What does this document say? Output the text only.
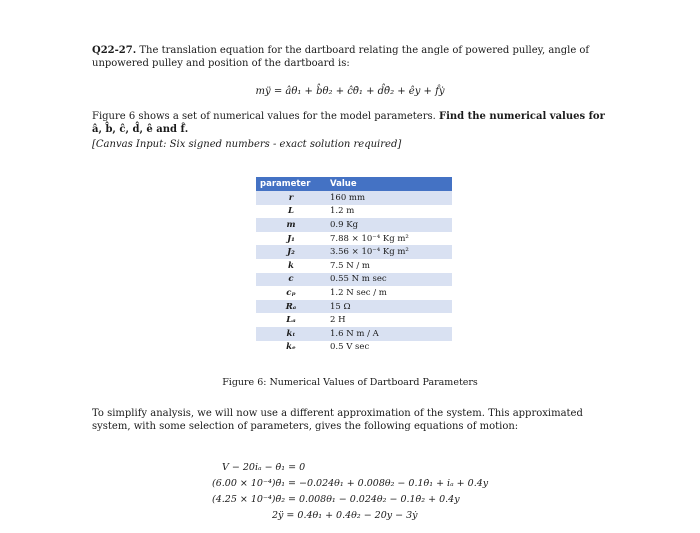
Q22-27. The translation equation for the dartboard relating the angle of powered pulley, angle of unpowered pulley and position of the dartboard is:
mÿ = âθ₁ + b̂θ₂ + ĉθ̇₁ + d̂θ̇₂ + êy + f̂ẏ
Figure 6 shows a set of numerical values for the model parameters. Find the numerical values for â, b̂, ĉ, d̂, ê and f̂.
[Canvas Input: Six signed numbers - exact solution required]
parameter	Value
r	160 mm
L	1.2 m
m	0.9 Kg
J₁	7.88 × 10⁻⁴ Kg m²
J₂	3.56 × 10⁻⁴ Kg m²
k	7.5 N / m
c	0.55 N m sec
cₚ	1.2 N sec / m
Rₐ	15 Ω
Lₐ	2 H
kₜ	1.6 N m / A
kₑ	0.5 V sec
Figure 6: Numerical Values of Dartboard Parameters
To simplify analysis, we will now use a different approximation of the system. This approximated system, with some selection of parameters, gives the following equations of motion:
V − 20iₐ − θ̇₁ = 0
(6.00 × 10⁻⁴)θ̈₁ = −0.024θ₁ + 0.008θ₂ − 0.1θ̇₁ + iₐ + 0.4y
(4.25 × 10⁻⁴)θ̈₂ = 0.008θ₁ − 0.024θ₂ − 0.1θ̇₂ + 0.4y
2ÿ = 0.4θ₁ + 0.4θ₂ − 20y − 3ẏ
